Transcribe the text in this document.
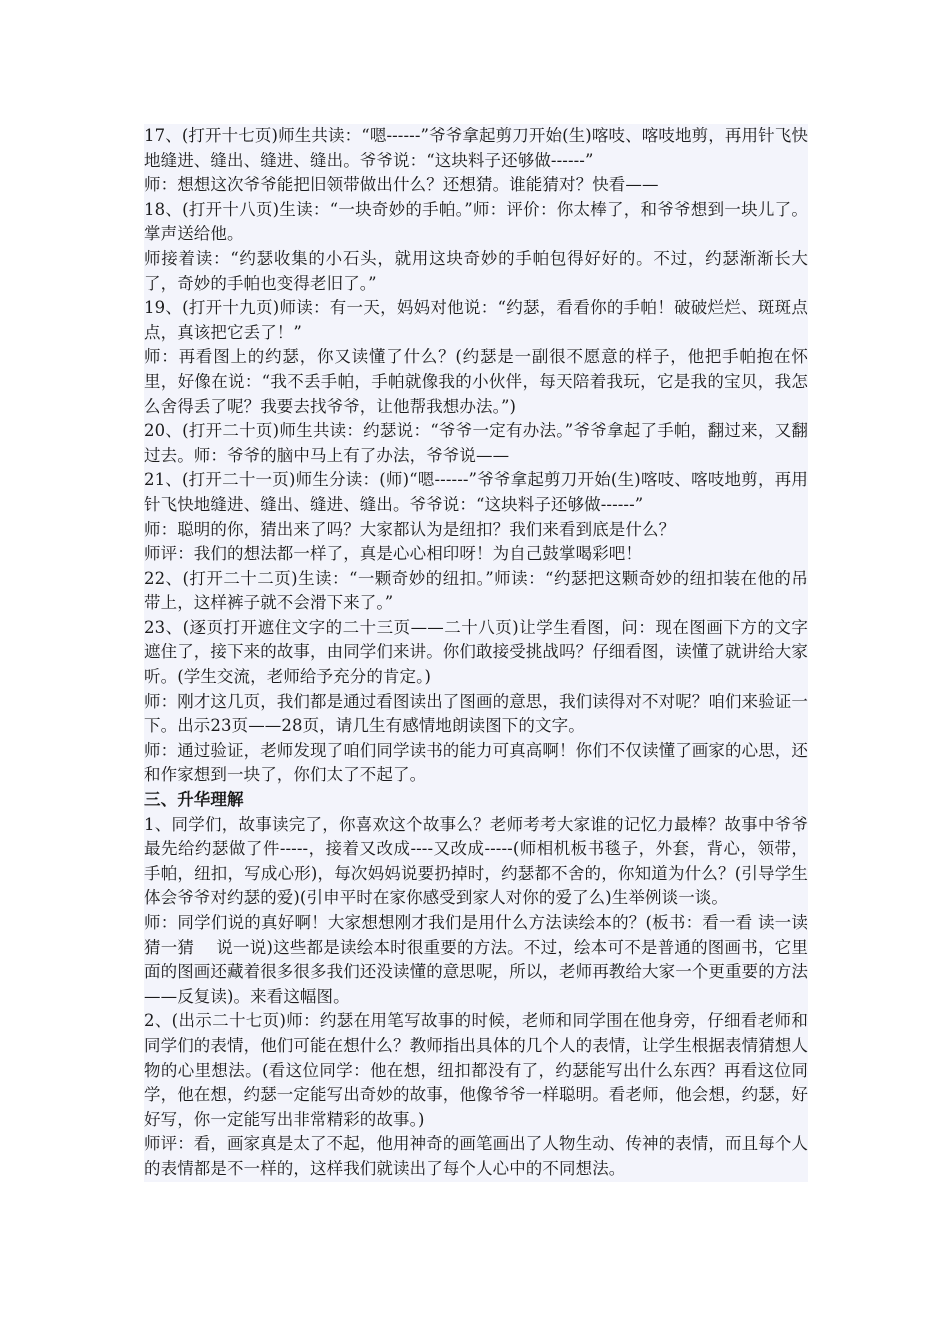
17、(打开十七页)师生共读：“嗯------”爷爷拿起剪刀开始(生)喀吱、喀吱地剪，再用针飞快地缝进、缝出、缝进、缝出。爷爷说：“这块料子还够做------”

师：想想这次爷爷能把旧领带做出什么？还想猜。谁能猜对？快看——

18、(打开十八页)生读：“一块奇妙的手帕。”师：评价：你太棒了，和爷爷想到一块儿了。掌声送给他。

师接着读：“约瑟收集的小石头，就用这块奇妙的手帕包得好好的。不过，约瑟渐渐长大了，奇妙的手帕也变得老旧了。”

19、(打开十九页)师读：有一天，妈妈对他说：“约瑟，看看你的手帕！破破烂烂、斑斑点点，真该把它丢了！”

师：再看图上的约瑟，你又读懂了什么？(约瑟是一副很不愿意的样子，他把手帕抱在怀里，好像在说：“我不丢手帕，手帕就像我的小伙伴，每天陪着我玩，它是我的宝贝，我怎么舍得丢了呢？我要去找爷爷，让他帮我想办法。”)

20、(打开二十页)师生共读：约瑟说：“爷爷一定有办法。”爷爷拿起了手帕，翻过来，又翻过去。师：爷爷的脑中马上有了办法，爷爷说——

21、(打开二十一页)师生分读：(师)“嗯------”爷爷拿起剪刀开始(生)喀吱、喀吱地剪，再用针飞快地缝进、缝出、缝进、缝出。爷爷说：“这块料子还够做------”

师：聪明的你，猜出来了吗？大家都认为是纽扣？我们来看到底是什么？

师评：我们的想法都一样了，真是心心相印呀！为自己鼓掌喝彩吧！

22、(打开二十二页)生读：“一颗奇妙的纽扣。”师读：“约瑟把这颗奇妙的纽扣装在他的吊带上，这样裤子就不会滑下来了。”

23、(逐页打开遮住文字的二十三页——二十八页)让学生看图，问：现在图画下方的文字遮住了，接下来的故事，由同学们来讲。你们敢接受挑战吗？仔细看图，读懂了就讲给大家听。(学生交流，老师给予充分的肯定。)

师：刚才这几页，我们都是通过看图读出了图画的意思，我们读得对不对呢？咱们来验证一下。出示23页——28页，请几生有感情地朗读图下的文字。

师：通过验证，老师发现了咱们同学读书的能力可真高啊！你们不仅读懂了画家的心思，还和作家想到一块了，你们太了不起了。

三、升华理解

1、同学们，故事读完了，你喜欢这个故事么？老师考考大家谁的记忆力最棒？故事中爷爷最先给约瑟做了件-----，接着又改成----又改成-----(师相机板书毯子，外套，背心，领带，手帕，纽扣，写成心形)，每次妈妈说要扔掉时，约瑟都不舍的，你知道为什么？(引导学生体会爷爷对约瑟的爱)(引申平时在家你感受到家人对你的爱了么)生举例谈一谈。

师：同学们说的真好啊！大家想想刚才我们是用什么方法读绘本的？(板书：看一看 读一读　 猜一猜　 说一说)这些都是读绘本时很重要的方法。不过，绘本可不是普通的图画书，它里面的图画还藏着很多很多我们还没读懂的意思呢，所以，老师再教给大家一个更重要的方法——反复读)。来看这幅图。

2、(出示二十七页)师：约瑟在用笔写故事的时候，老师和同学围在他身旁，仔细看老师和同学们的表情，他们可能在想什么？教师指出具体的几个人的表情，让学生根据表情猜想人物的心里想法。(看这位同学：他在想，纽扣都没有了，约瑟能写出什么东西？再看这位同学，他在想，约瑟一定能写出奇妙的故事，他像爷爷一样聪明。看老师，他会想，约瑟，好好写，你一定能写出非常精彩的故事。)

师评：看，画家真是太了不起，他用神奇的画笔画出了人物生动、传神的表情，而且每个人的表情都是不一样的，这样我们就读出了每个人心中的不同想法。
